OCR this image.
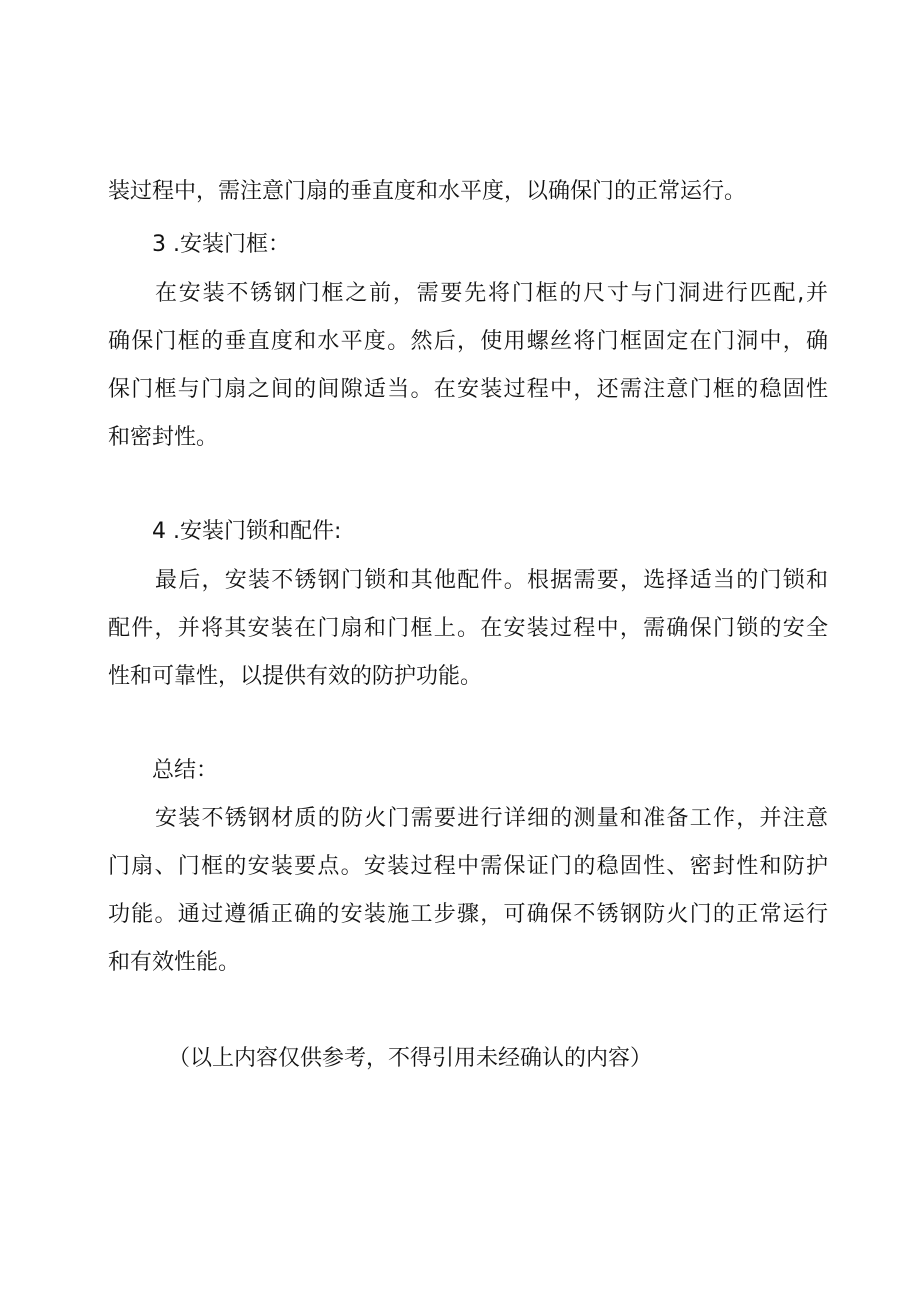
装过程中，需注意门扇的垂直度和水平度，以确保门的正常运行。
3 .安装门框：
在安装不锈钢门框之前，需要先将门框的尺寸与门洞进行匹配,并
确保门框的垂直度和水平度。然后，使用螺丝将门框固定在门洞中，确
保门框与门扇之间的间隙适当。在安装过程中，还需注意门框的稳固性
和密封性。
4 .安装门锁和配件:
最后，安装不锈钢门锁和其他配件。根据需要，选择适当的门锁和
配件，并将其安装在门扇和门框上。在安装过程中，需确保门锁的安全
性和可靠性，以提供有效的防护功能。
总结：
安装不锈钢材质的防火门需要进行详细的测量和准备工作，并注意
门扇、门框的安装要点。安装过程中需保证门的稳固性、密封性和防护
功能。通过遵循正确的安装施工步骤，可确保不锈钢防火门的正常运行
和有效性能。
（以上内容仅供参考，不得引用未经确认的内容）
